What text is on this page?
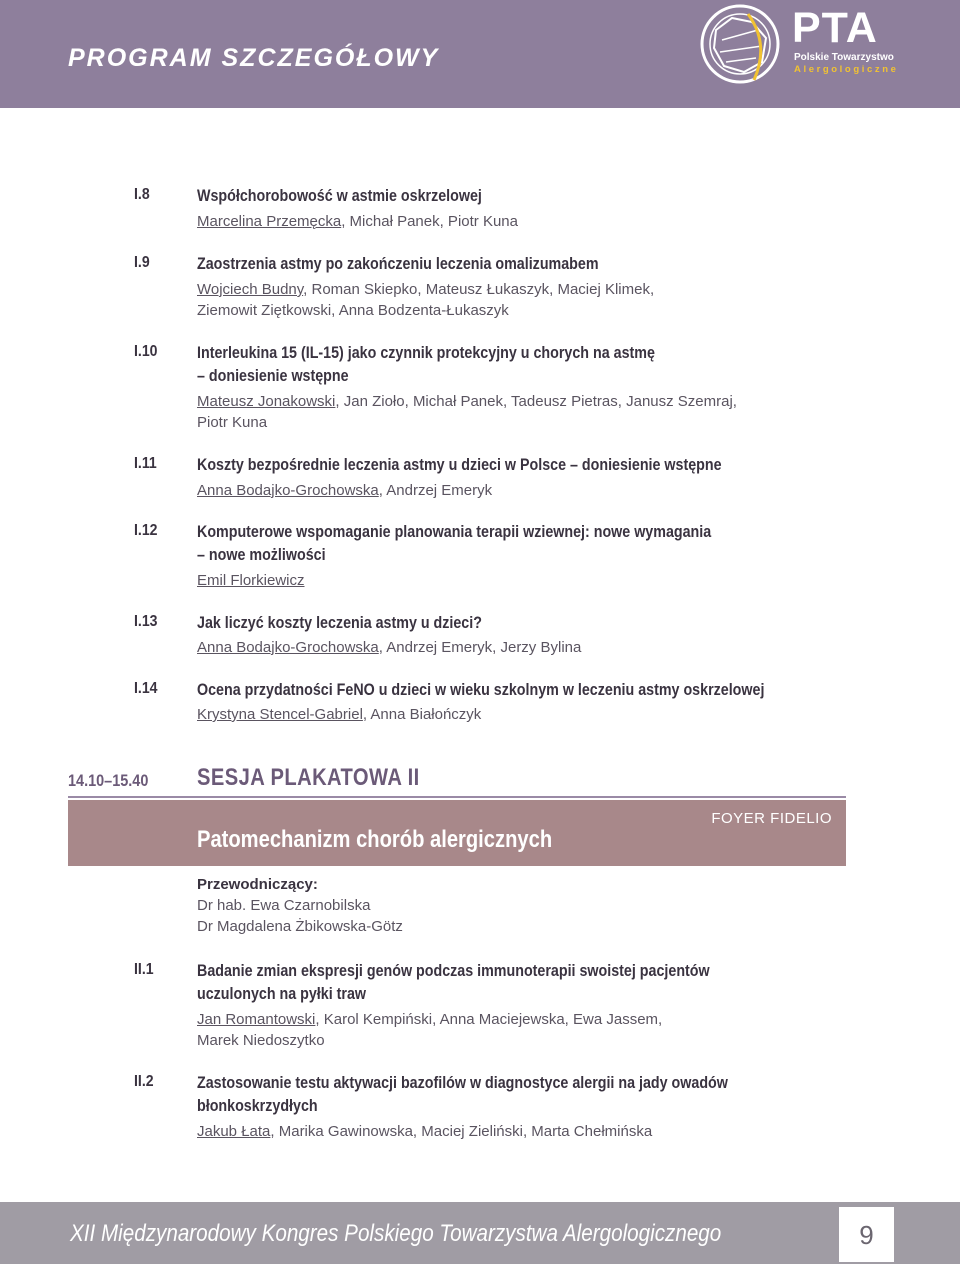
PROGRAM SZCZEGÓŁOWY
PTA
Polskie Towarzystwo
Alergologiczne
I.8	Współchorobowość w astmie oskrzelowej
Marcelina Przemęcka, Michał Panek, Piotr Kuna
I.9	Zaostrzenia astmy po zakończeniu leczenia omalizumabem
Wojciech Budny, Roman Skiepko, Mateusz Łukaszyk, Maciej Klimek,
Ziemowit Ziętkowski, Anna Bodzenta-Łukaszyk
I.10	Interleukina 15 (IL-15) jako czynnik protekcyjny u chorych na astmę
– doniesienie wstępne
Mateusz Jonakowski, Jan Zioło, Michał Panek, Tadeusz Pietras, Janusz Szemraj,
Piotr Kuna
I.11	Koszty bezpośrednie leczenia astmy u dzieci w Polsce – doniesienie wstępne
Anna Bodajko-Grochowska, Andrzej Emeryk
I.12	Komputerowe wspomaganie planowania terapii wziewnej: nowe wymagania
– nowe możliwości
Emil Florkiewicz
I.13	Jak liczyć koszty leczenia astmy u dzieci?
Anna Bodajko-Grochowska, Andrzej Emeryk, Jerzy Bylina
I.14	Ocena przydatności FeNO u dzieci w wieku szkolnym w leczeniu astmy oskrzelowej
Krystyna Stencel-Gabriel, Anna Białończyk
14.10–15.40 SESJA PLAKATOWA II
Patomechanizm chorób alergicznych
FOYER FIDELIO
Przewodniczący:
Dr hab. Ewa Czarnobilska
Dr Magdalena Żbikowska-Götz
II.1	Badanie zmian ekspresji genów podczas immunoterapii swoistej pacjentów
uczulonych na pyłki traw
Jan Romantowski, Karol Kempiński, Anna Maciejewska, Ewa Jassem,
Marek Niedoszytko
II.2	Zastosowanie testu aktywacji bazofilów w diagnostyce alergii na jady owadów
błonkoskrzydłych
Jakub Łata, Marika Gawinowska, Maciej Zieliński, Marta Chełmińska
XII Międzynarodowy Kongres Polskiego Towarzystwa Alergologicznego	9
